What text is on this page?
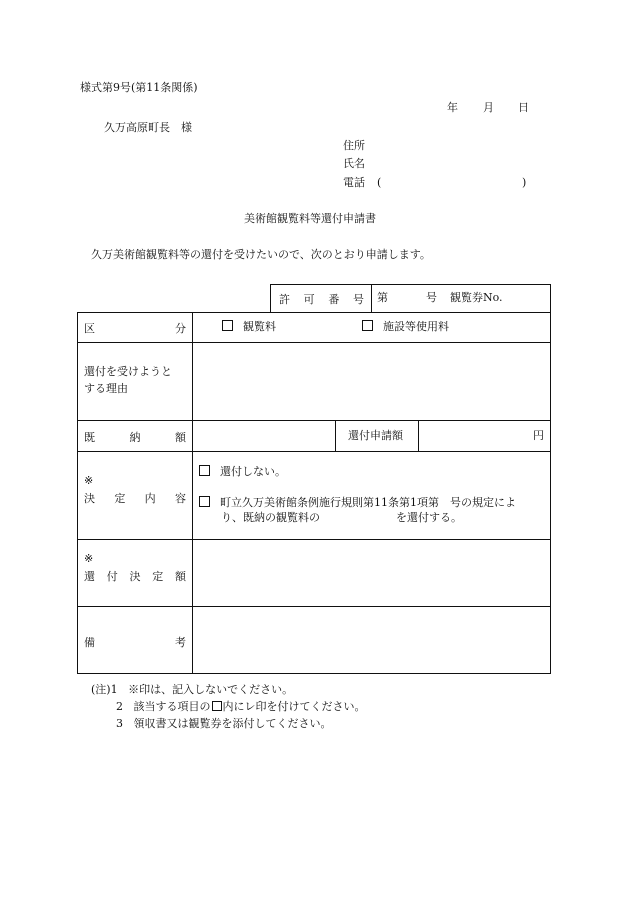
様式第9号(第11条関係)
年 月 日
久万高原町長　様
住所
氏名
電話 (	)
美術館観覧料等還付申請書
久万美術館観覧料等の還付を受けたいので、次のとおり申請します。
許 可 番 号 第	号 観覧券No.
区	分	観覧料	施設等使用料
還付を受けようと
する理由
既	納	額	還付申請額	円
※
決 定 内 容
還付しない。
町立久万美術館条例施行規則第11条第1項第　号の規定によ
り、既納の観覧料の	を還付する。
※
還 付 決 定 額
備	考
(注)1 ※印は、記入しないでください。
2 該当する項目の 内にレ印を付けてください。
3 領収書又は観覧券を添付してください。
